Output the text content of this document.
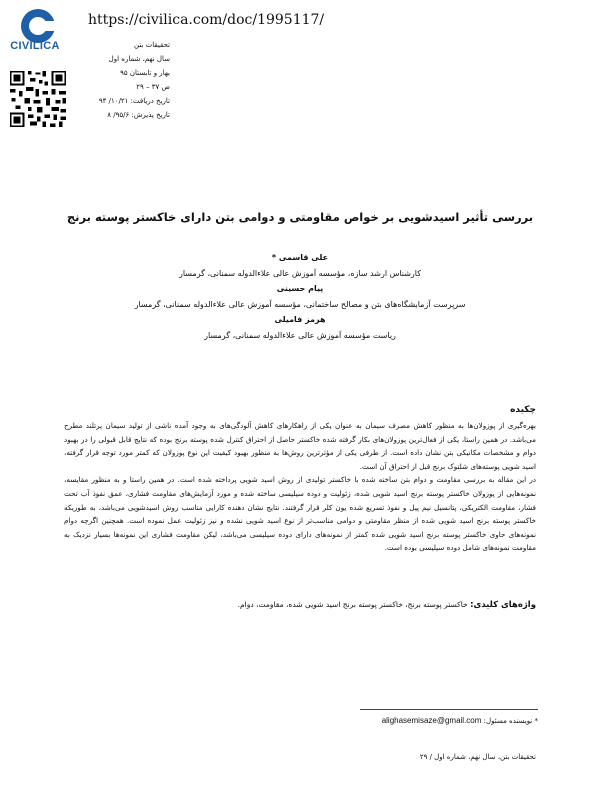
CIVILICA
https://civilica.com/doc/1995117/
تحقیقات بتن
سال نهم، شماره اول
بهار و تابستان ۹۵
ص ۳۷ – ۲۹
تاریخ دریافت: ۱۰/۲۱/ ۹۴
تاریخ پذیرش: ۹۵/۶/ ۸
بررسی تأثیر اسیدشویی بر خواص مقاومتی و دوامی بتن دارای خاکستر پوسته برنج
علی قاسمی *
کارشناس ارشد سازه، مؤسسه آموزش عالی علاءالدوله سمنانی، گرمسار
پیام حسینی
سرپرست آزمایشگاه‌های بتن و مصالح ساختمانی، مؤسسه آموزش عالی علاءالدوله سمنانی، گرمسار
هرمز فامیلی
ریاست مؤسسه آموزش عالی علاءالدوله سمنانی، گرمسار
چکیده

بهره‌گیری از پوزولان‌ها به منظور کاهش مصرف سیمان به عنوان یکی از راهکارهای کاهش آلودگی‌های به وجود آمده ناشی از تولید سیمان پرتلند مطرح می‌باشد. در همین راستا، یکی از فعال‌ترین پوزولان‌های بکار گرفته شده خاکستر حاصل از احتراق کنترل شده پوسته برنج بوده که نتایج قابل قبولی را در بهبود دوام و مشخصات مکانیکی بتن نشان داده است. از طرفی یکی از مؤثرترین روش‌ها به منظور بهبود کیفیت این نوع پوزولان که کمتر مورد توجه قرار گرفته، اسید شویی پوسته‌های شلتوک برنج قبل از احتراق آن است.

در این مقاله به بررسی مقاومت و دوام بتن ساخته شده با خاکستر تولیدی از روش اسید شویی پرداخته شده است. در همین راستا و به منظور مقایسه، نمونه‌هایی از پوزولان خاکستر پوسته برنج اسید شویی شده، زئولیت و دوده سیلیسی ساخته شده و مورد آزمایش‌های مقاومت فشاری، عمق نفوذ آب تحت فشار، مقاومت الکتریکی، پتانسیل نیم پیل و نفوذ تسریع شده یون کلر قرار گرفتند. نتایج نشان دهنده کارایی مناسب روش اسیدشویی می‌باشد، به طوریکه خاکستر پوسته برنج اسید شویی شده از منظر مقاومتی و دوامی مناسب‌تر از نوع اسید شویی نشده و نیز زئولیت عمل نموده است. همچنین اگرچه دوام نمونه‌های حاوی خاکستر پوسته برنج اسید شویی شده کمتر از نمونه‌های دارای دوده سیلیسی می‌باشد، لیکن مقاومت فشاری این نمونه‌ها بسیار نزدیک به مقاومت نمونه‌های شامل دوده سیلیسی بوده است.

واژه‌های کلیدی: خاکستر پوسته برنج، خاکستر پوسته برنج اسید شویی شده، مقاومت، دوام.
* نویسنده مسئول: alighasemisaze@gmail.com
تحقیقات بتن، سال نهم، شماره اول / ۲۹
